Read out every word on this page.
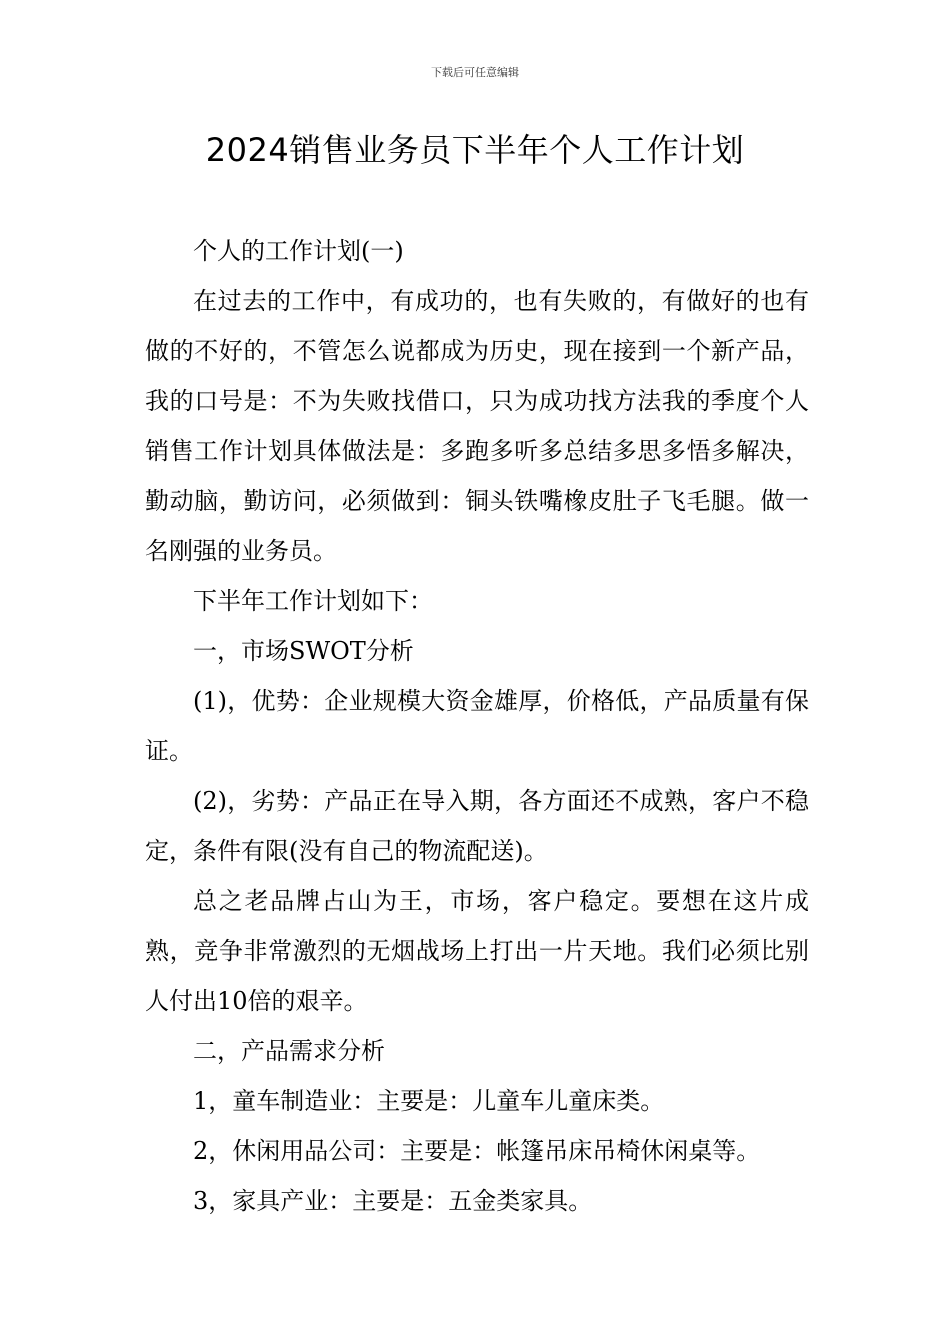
下载后可任意编辑
2024销售业务员下半年个人工作计划

个人的工作计划(一)

在过去的工作中，有成功的，也有失败的，有做好的也有做的不好的，不管怎么说都成为历史，现在接到一个新产品，我的口号是：不为失败找借口，只为成功找方法我的季度个人销售工作计划具体做法是：多跑多听多总结多思多悟多解决，勤动脑，勤访问，必须做到：铜头铁嘴橡皮肚子飞毛腿。做一名刚强的业务员。

下半年工作计划如下：

一，市场SWOT分析

(1)，优势：企业规模大资金雄厚，价格低，产品质量有保证。

(2)，劣势：产品正在导入期，各方面还不成熟，客户不稳定，条件有限(没有自己的物流配送)。

总之老品牌占山为王，市场，客户稳定。要想在这片成熟，竞争非常激烈的无烟战场上打出一片天地。我们必须比别人付出10倍的艰辛。

二，产品需求分析

1，童车制造业：主要是：儿童车儿童床类。

2，休闲用品公司：主要是：帐篷吊床吊椅休闲桌等。

3，家具产业：主要是：五金类家具。
